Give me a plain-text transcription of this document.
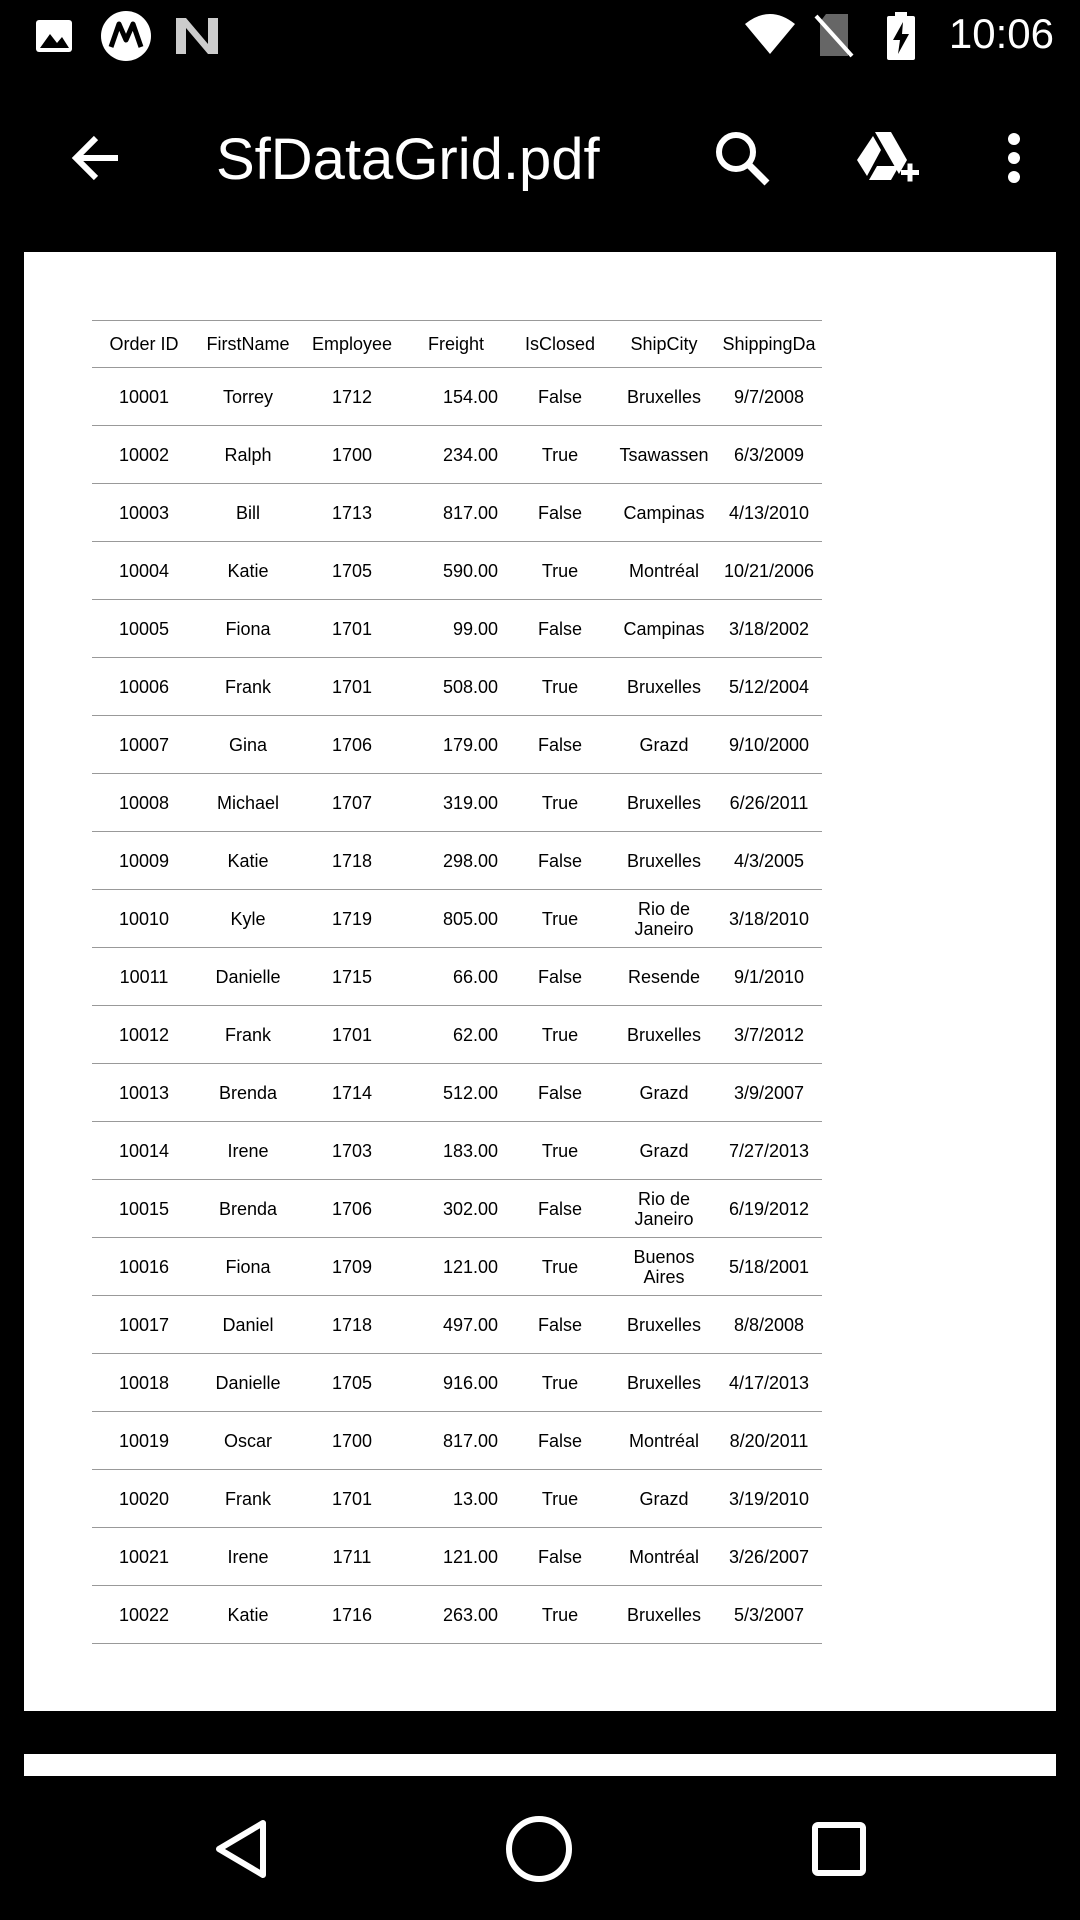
10:06
SfDataGrid.pdf
Order ID	FirstName	Employee	Freight	IsClosed	ShipCity	ShippingDa
10001	Torrey	1712	154.00	False	Bruxelles	9/7/2008
10002	Ralph	1700	234.00	True	Tsawassen	6/3/2009
10003	Bill	1713	817.00	False	Campinas	4/13/2010
10004	Katie	1705	590.00	True	Montréal	10/21/2006
10005	Fiona	1701	99.00	False	Campinas	3/18/2002
10006	Frank	1701	508.00	True	Bruxelles	5/12/2004
10007	Gina	1706	179.00	False	Grazd	9/10/2000
10008	Michael	1707	319.00	True	Bruxelles	6/26/2011
10009	Katie	1718	298.00	False	Bruxelles	4/3/2005
10010	Kyle	1719	805.00	True	Rio de Janeiro	3/18/2010
10011	Danielle	1715	66.00	False	Resende	9/1/2010
10012	Frank	1701	62.00	True	Bruxelles	3/7/2012
10013	Brenda	1714	512.00	False	Grazd	3/9/2007
10014	Irene	1703	183.00	True	Grazd	7/27/2013
10015	Brenda	1706	302.00	False	Rio de Janeiro	6/19/2012
10016	Fiona	1709	121.00	True	Buenos Aires	5/18/2001
10017	Daniel	1718	497.00	False	Bruxelles	8/8/2008
10018	Danielle	1705	916.00	True	Bruxelles	4/17/2013
10019	Oscar	1700	817.00	False	Montréal	8/20/2011
10020	Frank	1701	13.00	True	Grazd	3/19/2010
10021	Irene	1711	121.00	False	Montréal	3/26/2007
10022	Katie	1716	263.00	True	Bruxelles	5/3/2007
